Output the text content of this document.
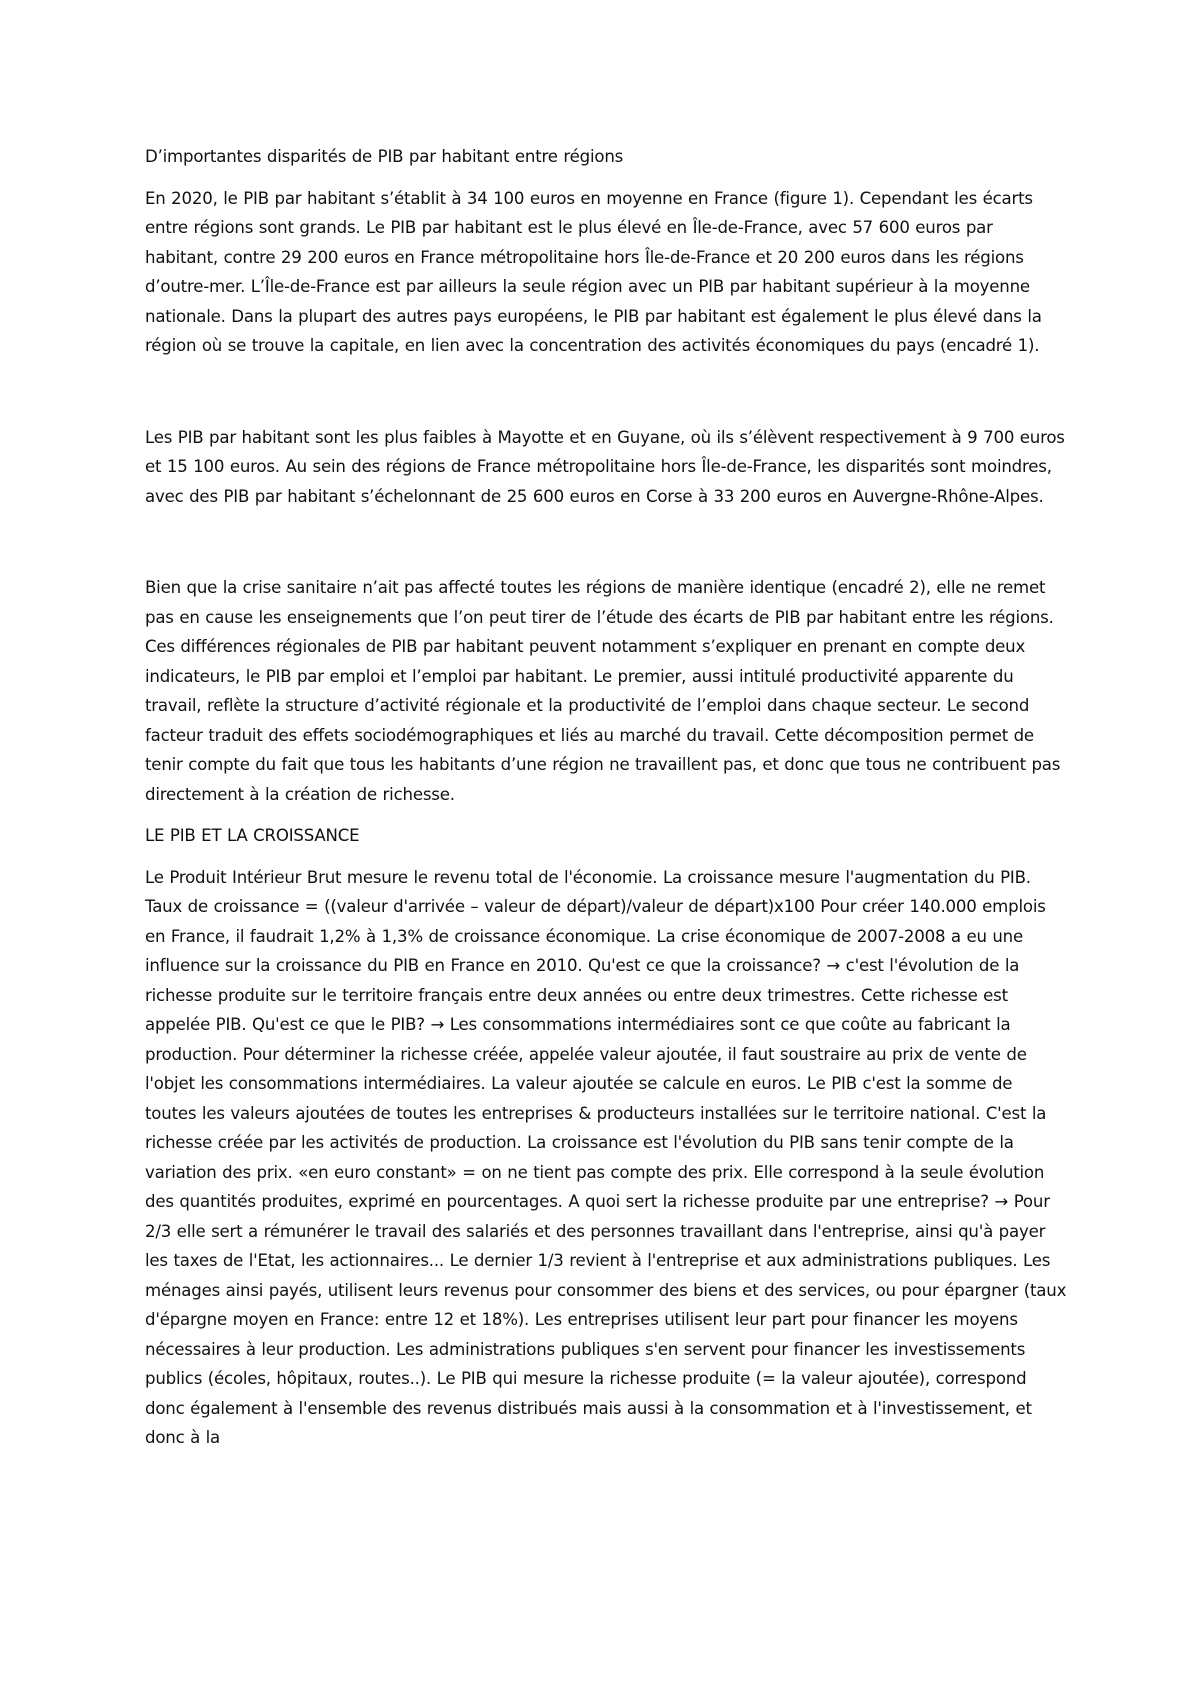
D’importantes disparités de PIB par habitant entre régions

En 2020, le PIB par habitant s’établit à 34 100 euros en moyenne en France (figure 1). Cependant les écarts entre régions sont grands. Le PIB par habitant est le plus élevé en Île-de-France, avec 57 600 euros par habitant, contre 29 200 euros en France métropolitaine hors Île-de-France et 20 200 euros dans les régions d’outre-mer. L’Île-de-France est par ailleurs la seule région avec un PIB par habitant supérieur à la moyenne nationale. Dans la plupart des autres pays européens, le PIB par habitant est également le plus élevé dans la région où se trouve la capitale, en lien avec la concentration des activités économiques du pays (encadré 1).

Les PIB par habitant sont les plus faibles à Mayotte et en Guyane, où ils s’élèvent respectivement à 9 700 euros et 15 100 euros. Au sein des régions de France métropolitaine hors Île-de-France, les disparités sont moindres, avec des PIB par habitant s’échelonnant de 25 600 euros en Corse à 33 200 euros en Auvergne-Rhône-Alpes.

Bien que la crise sanitaire n’ait pas affecté toutes les régions de manière identique (encadré 2), elle ne remet pas en cause les enseignements que l’on peut tirer de l’étude des écarts de PIB par habitant entre les régions. Ces différences régionales de PIB par habitant peuvent notamment s’expliquer en prenant en compte deux indicateurs, le PIB par emploi et l’emploi par habitant. Le premier, aussi intitulé productivité apparente du travail, reflète la structure d’activité régionale et la productivité de l’emploi dans chaque secteur. Le second facteur traduit des effets sociodémographiques et liés au marché du travail. Cette décomposition permet de tenir compte du fait que tous les habitants d’une région ne travaillent pas, et donc que tous ne contribuent pas directement à la création de richesse.

LE PIB ET LA CROISSANCE

Le Produit Intérieur Brut mesure le revenu total de l'économie. La croissance mesure l'augmentation du PIB. Taux de croissance = ((valeur d'arrivée – valeur de départ)/valeur de départ)x100 Pour créer 140.000 emplois en France, il faudrait 1,2% à 1,3% de croissance économique. La crise économique de 2007-2008 a eu une influence sur la croissance du PIB en France en 2010. Qu'est ce que la croissance? → c'est l'évolution de la richesse produite sur le territoire français entre deux années ou entre deux trimestres. Cette richesse est appelée PIB. Qu'est ce que le PIB? → Les consommations intermédiaires sont ce que coûte au fabricant la production. Pour déterminer la richesse créée, appelée valeur ajoutée, il faut soustraire au prix de vente de l'objet les consommations intermédiaires. La valeur ajoutée se calcule en euros. Le PIB c'est la somme de toutes les valeurs ajoutées de toutes les entreprises & producteurs installées sur le territoire national. C'est la richesse créée par les activités de production. La croissance est l'évolution du PIB sans tenir compte de la variation des prix. «en euro constant» = on ne tient pas compte des prix. Elle correspond à la seule évolution des quantités produites, exprimé en pourcentages. A quoi sert la richesse produite par une entreprise? → Pour 2/3 elle sert a rémunérer le travail des salariés et des personnes travaillant dans l'entreprise, ainsi qu'à payer les taxes de l'Etat, les actionnaires... Le dernier 1/3 revient à l'entreprise et aux administrations publiques. Les ménages ainsi payés, utilisent leurs revenus pour consommer des biens et des services, ou pour épargner (taux d'épargne moyen en France: entre 12 et 18%). Les entreprises utilisent leur part pour financer les moyens nécessaires à leur production. Les administrations publiques s'en servent pour financer les investissements publics (écoles, hôpitaux, routes..). Le PIB qui mesure la richesse produite (= la valeur ajoutée), correspond donc également à l'ensemble des revenus distribués mais aussi à la consommation et à l'investissement, et donc à la
